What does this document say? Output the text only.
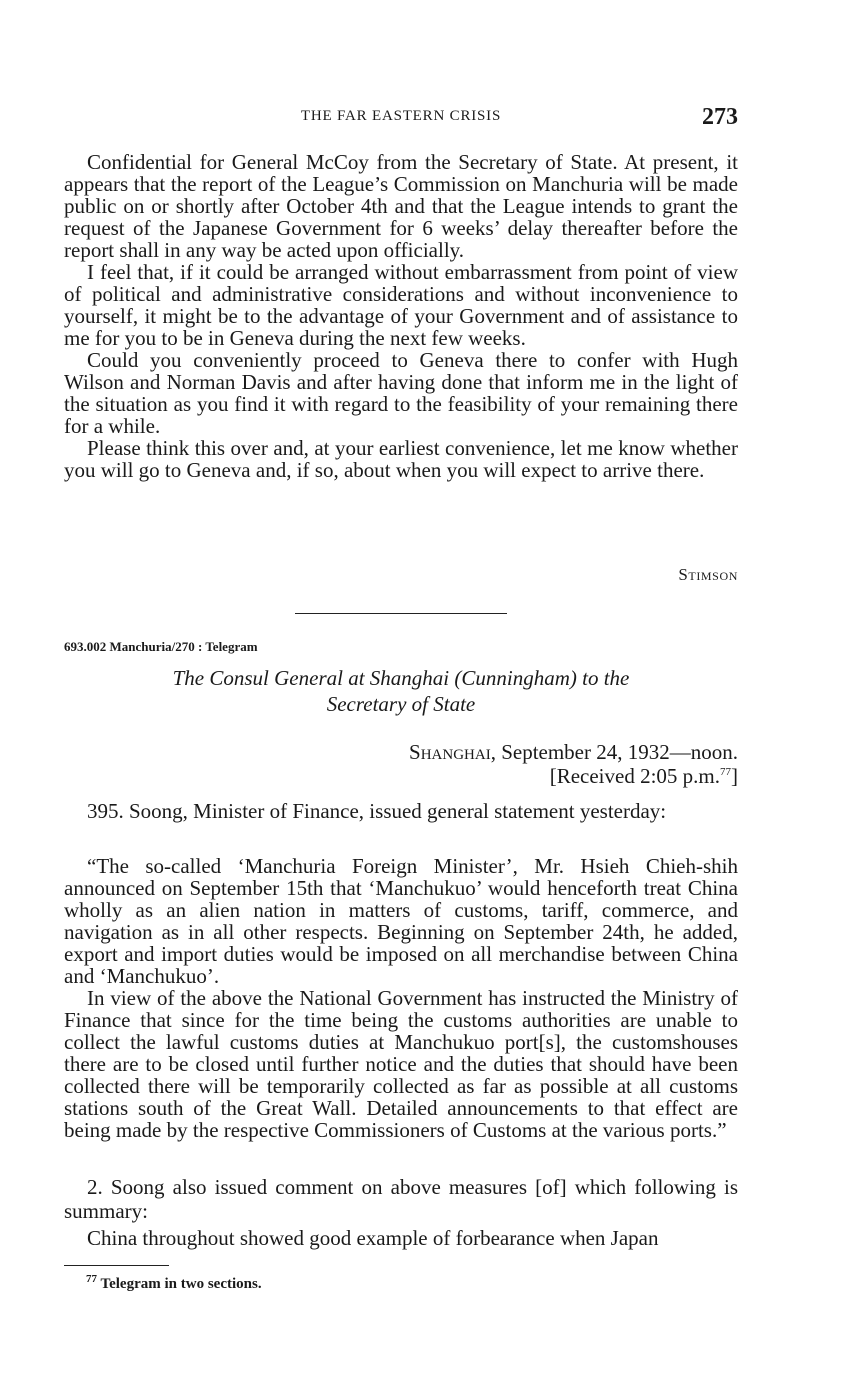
THE FAR EASTERN CRISIS	273

Confidential for General McCoy from the Secretary of State. At present, it appears that the report of the League’s Commission on Manchuria will be made public on or shortly after October 4th and that the League intends to grant the request of the Japanese Government for 6 weeks’ delay thereafter before the report shall in any way be acted upon officially.

I feel that, if it could be arranged without embarrassment from point of view of political and administrative considerations and without inconvenience to yourself, it might be to the advantage of your Government and of assistance to me for you to be in Geneva during the next few weeks.

Could you conveniently proceed to Geneva there to confer with Hugh Wilson and Norman Davis and after having done that inform me in the light of the situation as you find it with regard to the feasibility of your remaining there for a while.

Please think this over and, at your earliest convenience, let me know whether you will go to Geneva and, if so, about when you will expect to arrive there.

Stimson
693.002 Manchuria/270 : Telegram
The Consul General at Shanghai (Cunningham) to the
Secretary of State
Shanghai, September 24, 1932—noon.
[Received 2:05 p.m.$^{77}$]

395. Soong, Minister of Finance, issued general statement yesterday:

“The so-called ‘Manchuria Foreign Minister’, Mr. Hsieh Chieh-shih announced on September 15th that ‘Manchukuo’ would henceforth treat China wholly as an alien nation in matters of customs, tariff, commerce, and navigation as in all other respects. Beginning on September 24th, he added, export and import duties would be imposed on all merchandise between China and ‘Manchukuo’.

In view of the above the National Government has instructed the Ministry of Finance that since for the time being the customs authorities are unable to collect the lawful customs duties at Manchukuo port[s], the customshouses there are to be closed until further notice and the duties that should have been collected there will be temporarily collected as far as possible at all customs stations south of the Great Wall. Detailed announcements to that effect are being made by the respective Commissioners of Customs at the various ports.”

2. Soong also issued comment on above measures [of] which following is summary:

China throughout showed good example of forbearance when Japan

$^{77}$ Telegram in two sections.
